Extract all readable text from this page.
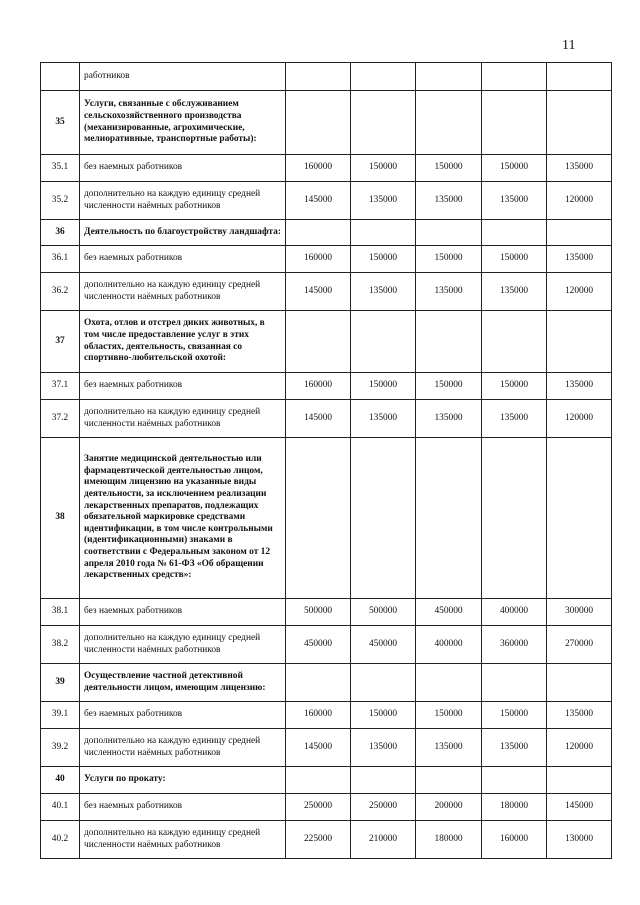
11
	работников					
35	Услуги, связанные с обслуживанием сельскохозяйственного производства (механизированные, агрохимические, мелиоративные, транспортные работы):					
35.1	без наемных работников	160000	150000	150000	150000	135000
35.2	дополнительно на каждую единицу средней численности наёмных работников	145000	135000	135000	135000	120000
36	Деятельность по благоустройству ландшафта:					
36.1	без наемных работников	160000	150000	150000	150000	135000
36.2	дополнительно на каждую единицу средней численности наёмных работников	145000	135000	135000	135000	120000
37	Охота, отлов и отстрел диких животных, в том числе предоставление услуг в этих областях, деятельность, связанная со спортивно-любительской охотой:					
37.1	без наемных работников	160000	150000	150000	150000	135000
37.2	дополнительно на каждую единицу средней численности наёмных работников	145000	135000	135000	135000	120000
38	Занятие медицинской деятельностью или фармацевтической деятельностью лицом, имеющим лицензию на указанные виды деятельности, за исключением реализации лекарственных препаратов, подлежащих обязательной маркировке средствами идентификации, в том числе контрольными (идентификационными) знаками в соответствии с Федеральным законом от 12 апреля 2010 года № 61-ФЗ «Об обращении лекарственных средств»:					
38.1	без наемных работников	500000	500000	450000	400000	300000
38.2	дополнительно на каждую единицу средней численности наёмных работников	450000	450000	400000	360000	270000
39	Осуществление частной детективной деятельности лицом, имеющим лицензию:					
39.1	без наемных работников	160000	150000	150000	150000	135000
39.2	дополнительно на каждую единицу средней численности наёмных работников	145000	135000	135000	135000	120000
40	Услуги по прокату:					
40.1	без наемных работников	250000	250000	200000	180000	145000
40.2	дополнительно на каждую единицу средней численности наёмных работников	225000	210000	180000	160000	130000
